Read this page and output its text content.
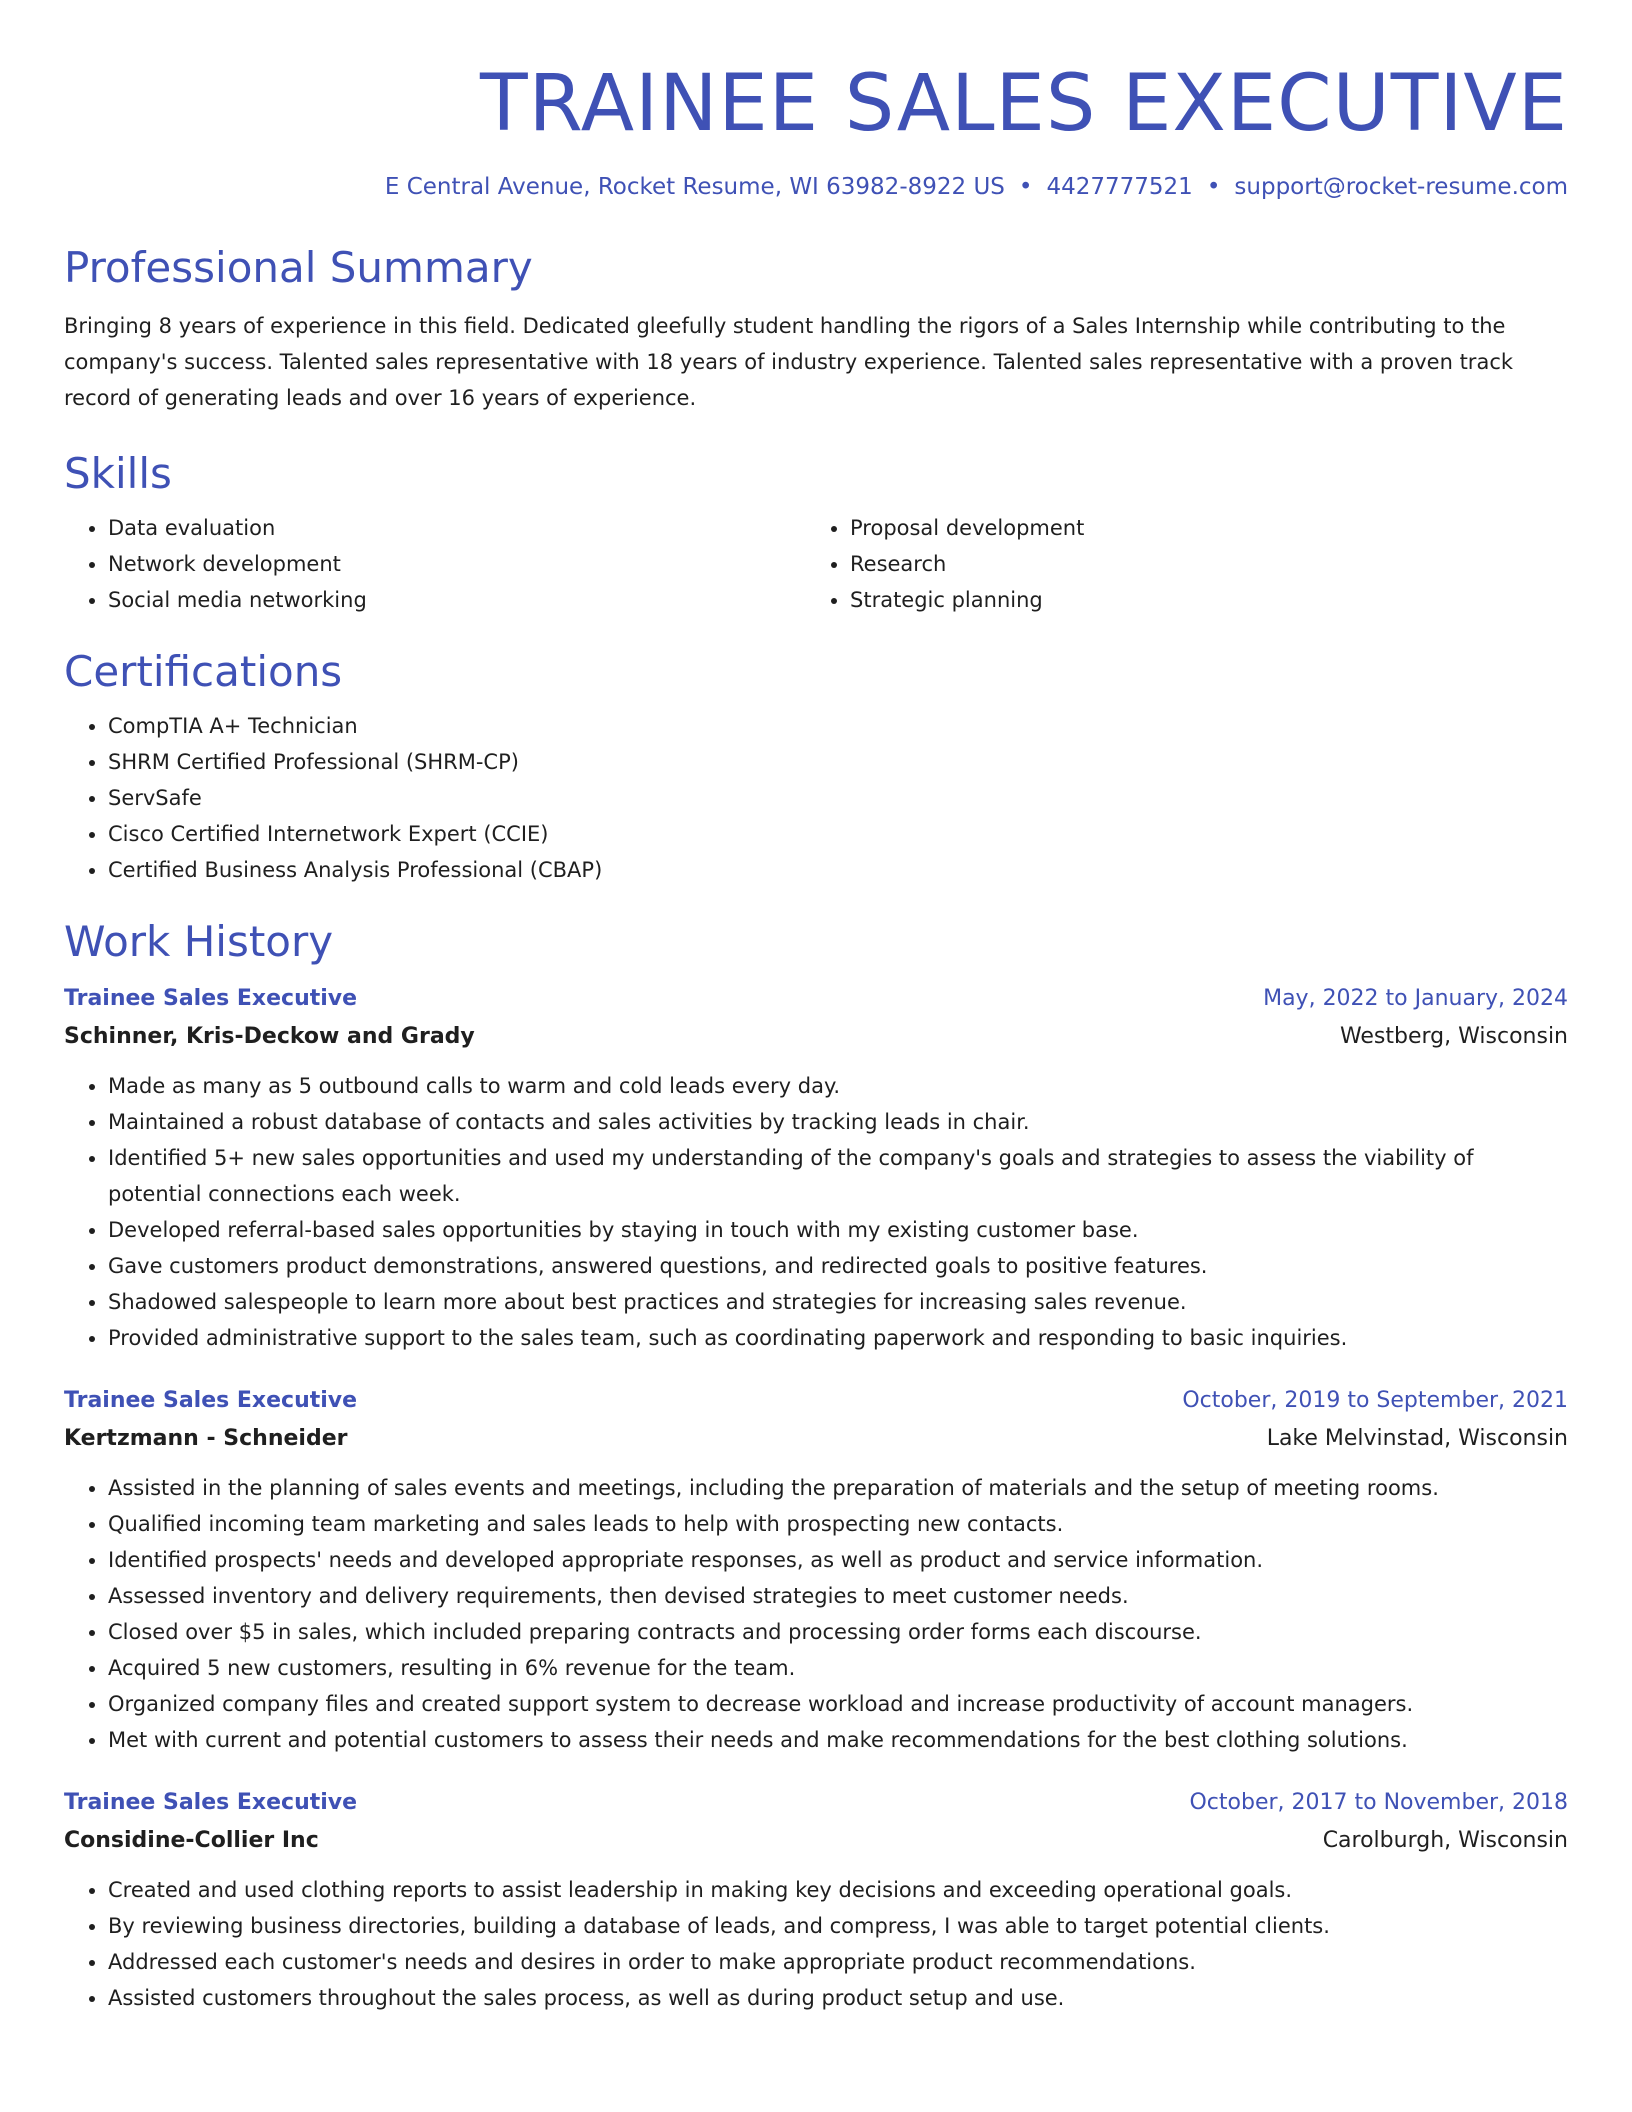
TRAINEE SALES EXECUTIVE
E Central Avenue, Rocket Resume, WI 63982-8922 US • 4427777521 • support@rocket-resume.com
Professional Summary

Bringing 8 years of experience in this field. Dedicated gleefully student handling the rigors of a Sales Internship while contributing to the company's success. Talented sales representative with 18 years of industry experience. Talented sales representative with a proven track record of generating leads and over 16 years of experience.

Skills
• Data evaluation
• Network development
• Social media networking
• Proposal development
• Research
• Strategic planning
Certifications
• CompTIA A+ Technician
• SHRM Certified Professional (SHRM-CP)
• ServSafe
• Cisco Certified Internetwork Expert (CCIE)
• Certified Business Analysis Professional (CBAP)
Work History
Trainee Sales Executive	May, 2022 to January, 2024
Schinner, Kris-Deckow and Grady	Westberg, Wisconsin
• Made as many as 5 outbound calls to warm and cold leads every day.
• Maintained a robust database of contacts and sales activities by tracking leads in chair.
• Identified 5+ new sales opportunities and used my understanding of the company's goals and strategies to assess the viability of potential connections each week.
• Developed referral-based sales opportunities by staying in touch with my existing customer base.
• Gave customers product demonstrations, answered questions, and redirected goals to positive features.
• Shadowed salespeople to learn more about best practices and strategies for increasing sales revenue.
• Provided administrative support to the sales team, such as coordinating paperwork and responding to basic inquiries.
Trainee Sales Executive	October, 2019 to September, 2021
Kertzmann - Schneider	Lake Melvinstad, Wisconsin
• Assisted in the planning of sales events and meetings, including the preparation of materials and the setup of meeting rooms.
• Qualified incoming team marketing and sales leads to help with prospecting new contacts.
• Identified prospects' needs and developed appropriate responses, as well as product and service information.
• Assessed inventory and delivery requirements, then devised strategies to meet customer needs.
• Closed over $5 in sales, which included preparing contracts and processing order forms each discourse.
• Acquired 5 new customers, resulting in 6% revenue for the team.
• Organized company files and created support system to decrease workload and increase productivity of account managers.
• Met with current and potential customers to assess their needs and make recommendations for the best clothing solutions.
Trainee Sales Executive	October, 2017 to November, 2018
Considine-Collier Inc	Carolburgh, Wisconsin
• Created and used clothing reports to assist leadership in making key decisions and exceeding operational goals.
• By reviewing business directories, building a database of leads, and compress, I was able to target potential clients.
• Addressed each customer's needs and desires in order to make appropriate product recommendations.
• Assisted customers throughout the sales process, as well as during product setup and use.
